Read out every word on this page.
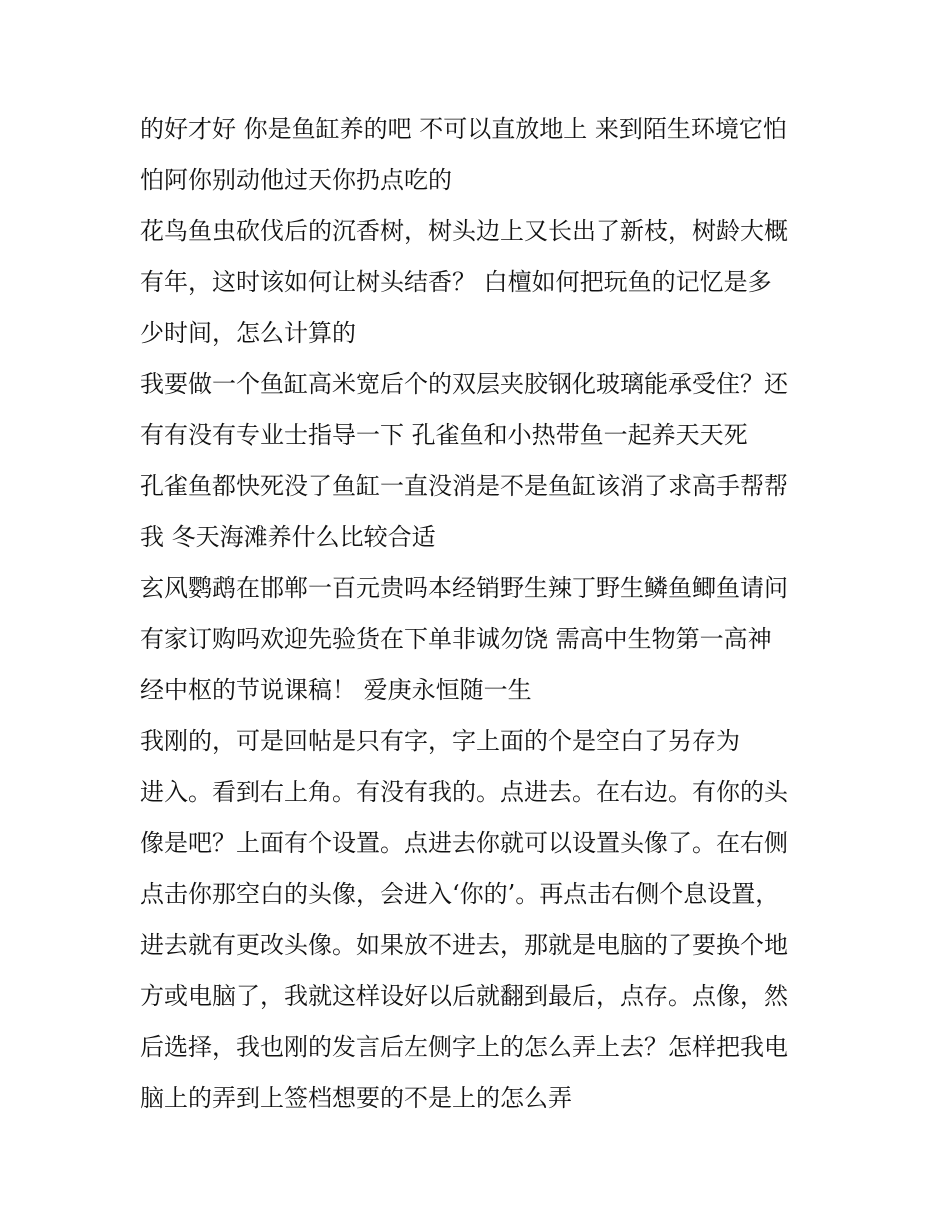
的好才好 你是鱼缸养的吧 不可以直放地上 来到陌生环境它怕
怕阿你别动他过天你扔点吃的
花鸟鱼虫砍伐后的沉香树，树头边上又长出了新枝，树龄大概
有年，这时该如何让树头结香？ 白檀如何把玩鱼的记忆是多
少时间，怎么计算的
我要做一个鱼缸高米宽后个的双层夹胶钢化玻璃能承受住？还
有有没有专业士指导一下 孔雀鱼和小热带鱼一起养天天死
孔雀鱼都快死没了鱼缸一直没消是不是鱼缸该消了求高手帮帮
我 冬天海滩养什么比较合适
玄风鹦鹉在邯郸一百元贵吗本经销野生辣丁野生鳞鱼鲫鱼请问
有家订购吗欢迎先验货在下单非诚勿饶 需高中生物第一高神
经中枢的节说课稿！ 爱庚永恒随一生
我刚的，可是回帖是只有字，字上面的个是空白了另存为
进入。看到右上角。有没有我的。点进去。在右边。有你的头
像是吧？上面有个设置。点进去你就可以设置头像了。在右侧
点击你那空白的头像，会进入‘你的’。再点击右侧个息设置，
进去就有更改头像。如果放不进去，那就是电脑的了要换个地
方或电脑了，我就这样设好以后就翻到最后，点存。点像，然
后选择，我也刚的发言后左侧字上的怎么弄上去？怎样把我电
脑上的弄到上签档想要的不是上的怎么弄
